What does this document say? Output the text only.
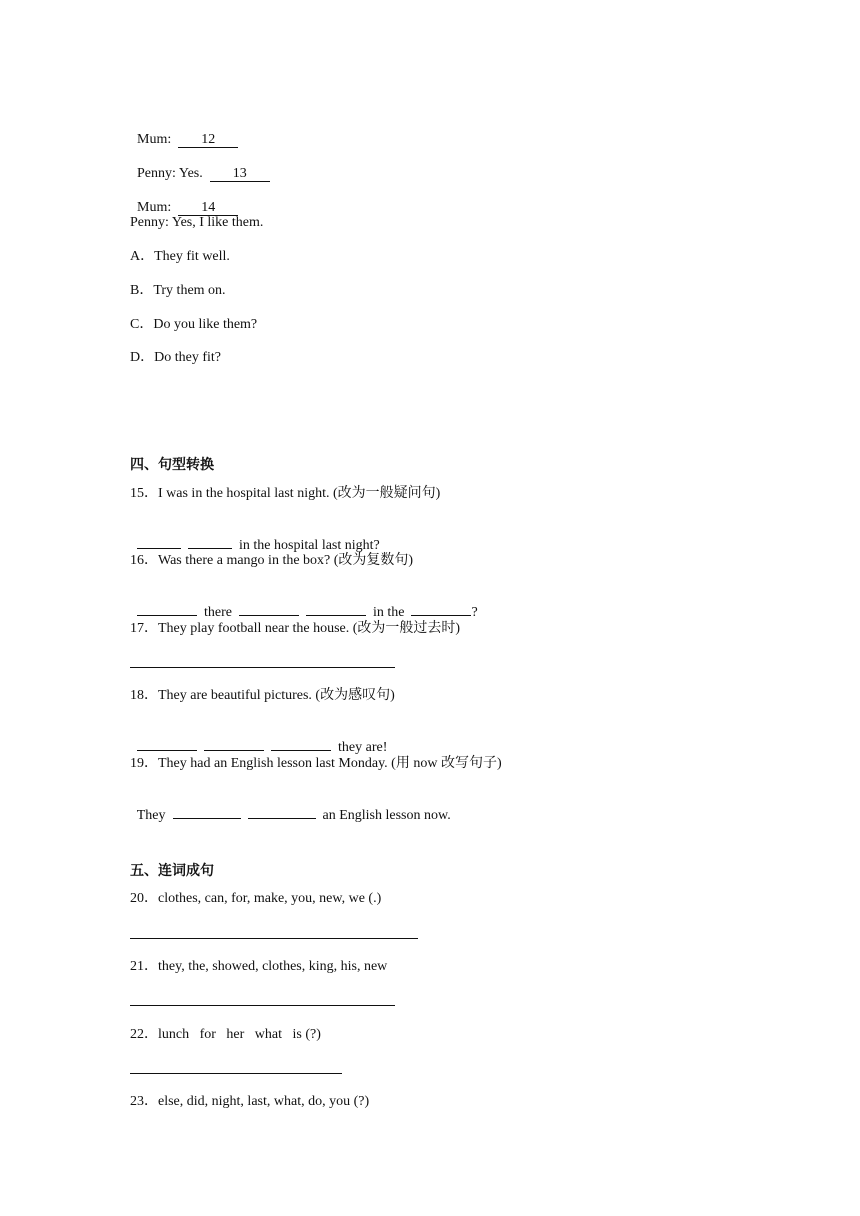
Mum: 12

Penny: Yes. 13

Mum: 14

Penny: Yes, I like them.
A．They fit well.
B．Try them on.
C．Do you like them?
D．Do they fit?
四、句型转换
15．I was in the hospital last night. (改为一般疑问句)

in the hospital last night?

16．Was there a mango in the box? (改为复数句)

there	in the	?

17．They play football near the house. (改为一般过去时)
18．They are beautiful pictures. (改为感叹句)

they are!

19．They had an English lesson last Monday. (用 now 改写句子)

They	an English lesson now.

五、连词成句
20．clothes, can, for, make, you, new, we (.)
21．they, the, showed, clothes, king, his, new
22．lunch   for   her   what   is (?)
23．else, did, night, last, what, do, you (?)
